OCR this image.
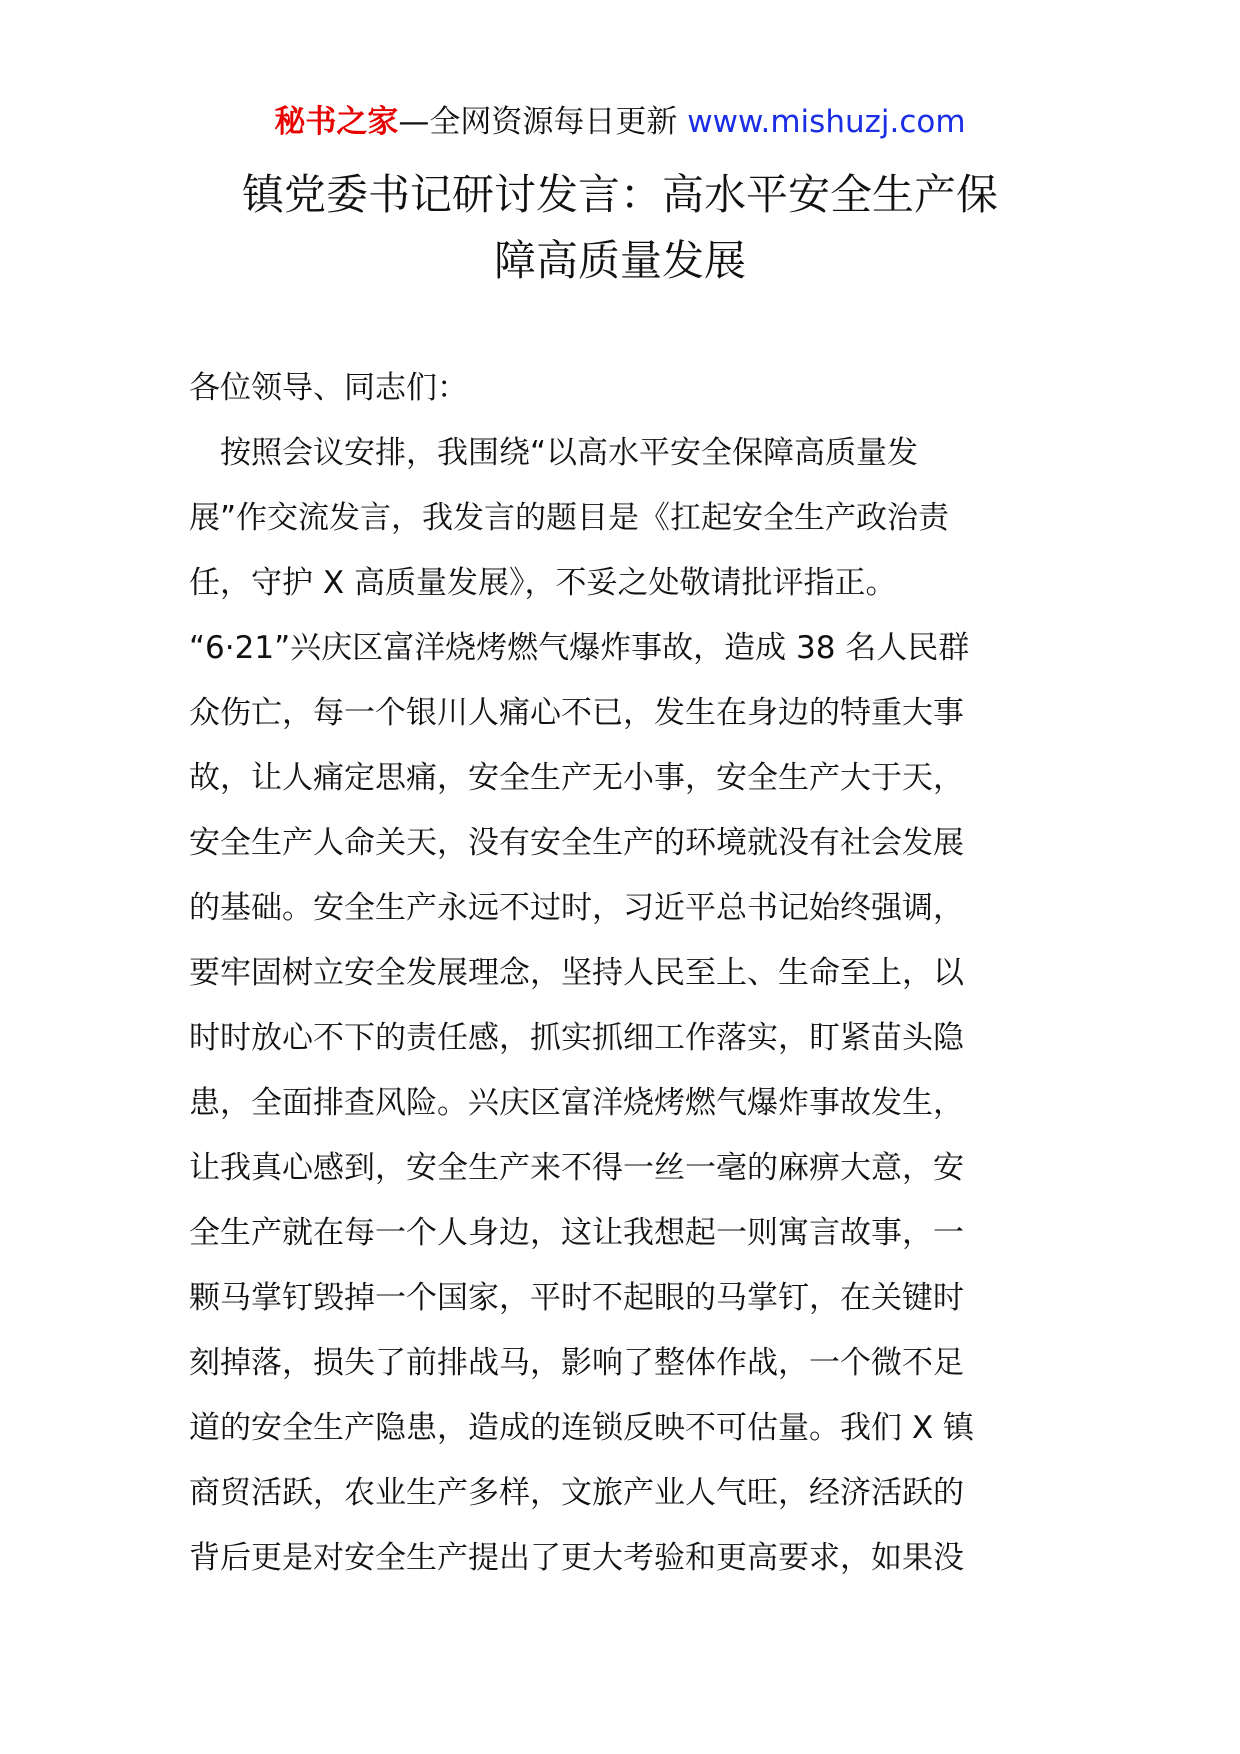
秘书之家—全网资源每日更新 www.mishuzj.com
镇党委书记研讨发言：高水平安全生产保
障高质量发展
各位领导、同志们：
　按照会议安排，我围绕“以高水平安全保障高质量发
展”作交流发言，我发言的题目是《扛起安全生产政治责
任，守护 X 高质量发展》，不妥之处敬请批评指正。
“6·21”兴庆区富洋烧烤燃气爆炸事故，造成 38 名人民群
众伤亡，每一个银川人痛心不已，发生在身边的特重大事
故，让人痛定思痛，安全生产无小事，安全生产大于天，
安全生产人命关天，没有安全生产的环境就没有社会发展
的基础。安全生产永远不过时，习近平总书记始终强调，
要牢固树立安全发展理念，坚持人民至上、生命至上，以
时时放心不下的责任感，抓实抓细工作落实，盯紧苗头隐
患，全面排查风险。兴庆区富洋烧烤燃气爆炸事故发生，
让我真心感到，安全生产来不得一丝一毫的麻痹大意，安
全生产就在每一个人身边，这让我想起一则寓言故事，一
颗马掌钉毁掉一个国家，平时不起眼的马掌钉，在关键时
刻掉落，损失了前排战马，影响了整体作战，一个微不足
道的安全生产隐患，造成的连锁反映不可估量。我们 X 镇
商贸活跃，农业生产多样，文旅产业人气旺，经济活跃的
背后更是对安全生产提出了更大考验和更高要求，如果没
